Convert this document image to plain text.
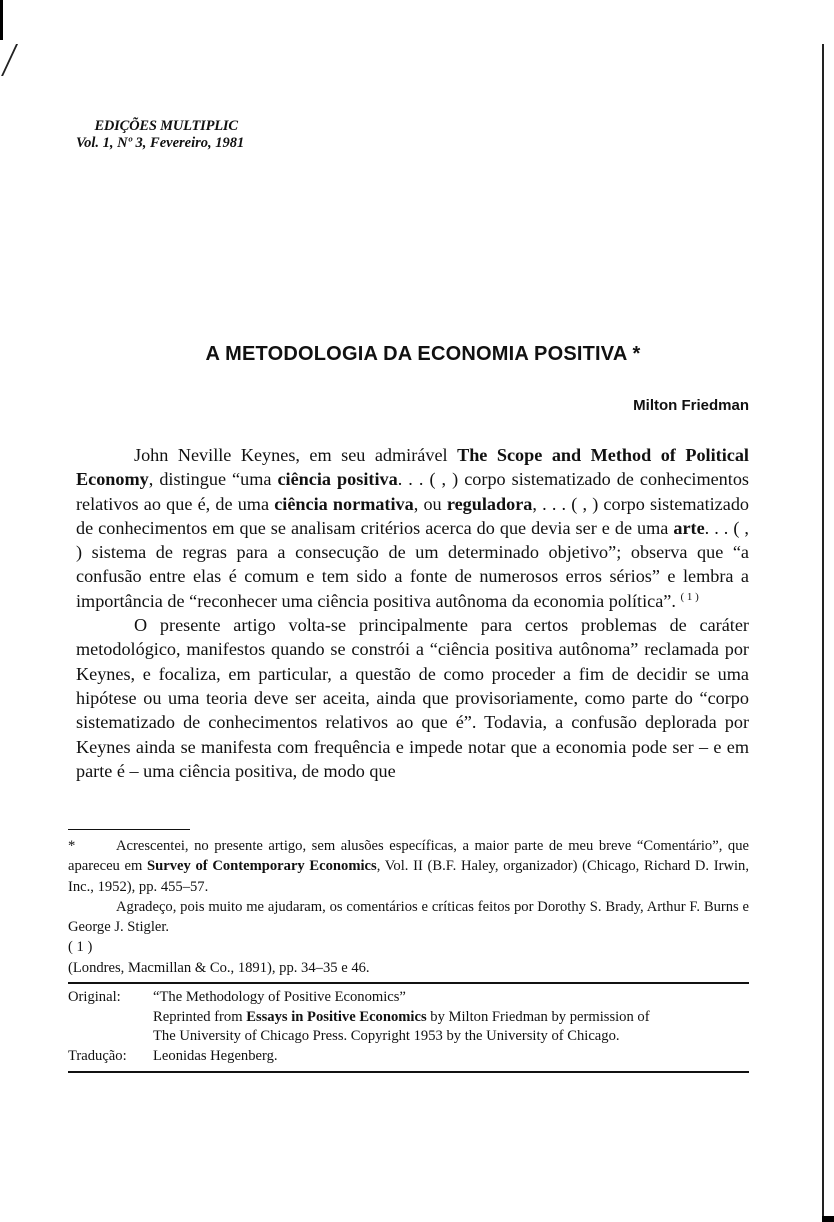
EDIÇÕES MULTIPLIC
Vol. 1, Nº 3, Fevereiro, 1981
A METODOLOGIA DA ECONOMIA POSITIVA *
Milton Friedman

John Neville Keynes, em seu admirável The Scope and Method of Political Economy, distingue “uma ciência positiva. . . ( , ) corpo sistematizado de conhecimentos relativos ao que é, de uma ciência normativa, ou reguladora, . . . ( , ) corpo sistematizado de conhecimentos em que se analisam critérios acerca do que devia ser e de uma arte. . . ( , ) sistema de regras para a consecução de um determinado objetivo”; observa que “a confusão entre elas é comum e tem sido a fonte de numerosos erros sérios” e lembra a importância de “reconhecer uma ciência positiva autônoma da economia política”. $^{( 1 )}$

O presente artigo volta-se principalmente para certos problemas de caráter metodológico, manifestos quando se constrói a “ciência positiva autônoma” reclamada por Keynes, e focaliza, em particular, a questão de como proceder a fim de decidir se uma hipótese ou uma teoria deve ser aceita, ainda que provisoriamente, como parte do “corpo sistematizado de conhecimentos relativos ao que é”. Todavia, a confusão deplorada por Keynes ainda se manifesta com frequência e impede notar que a economia pode ser – e em parte é – uma ciência positiva, de modo que

*	Acrescentei, no presente artigo, sem alusões específicas, a maior parte de meu breve “Comentário”, que apareceu em Survey of Contemporary Economics, Vol. II (B.F. Haley, organizador) (Chicago, Richard D. Irwin, Inc., 1952), pp. 455–57.

Agradeço, pois muito me ajudaram, os comentários e críticas feitos por Dorothy S. Brady, Arthur F. Burns e George J. Stigler.

( 1 )

(Londres, Macmillan & Co., 1891), pp. 34–35 e 46.

Original:	“The Methodology of Positive Economics”
Reprinted from Essays in Positive Economics by Milton Friedman by permission of
The University of Chicago Press. Copyright 1953 by the University of Chicago.
Tradução:	Leonidas Hegenberg.
